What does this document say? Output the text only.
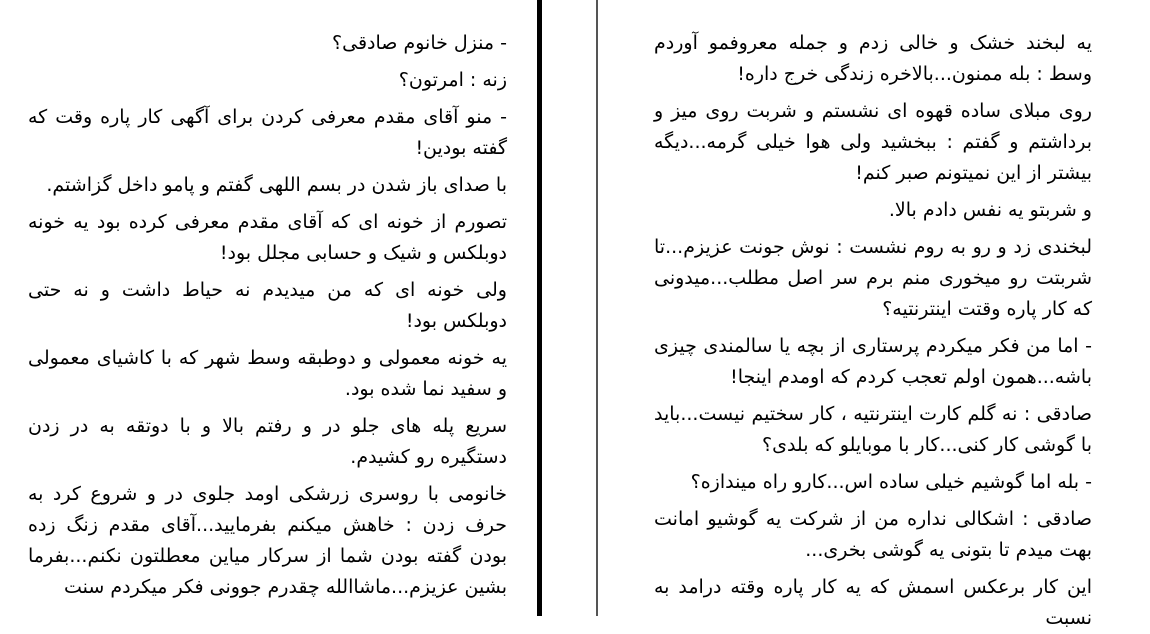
- منزل خانوم صادقی؟

زنه : امرتون؟

- منو آقای مقدم معرفی کردن برای آگهی کار پاره وقت که گفته بودین!

با صدای باز شدن در بسم اللهی گفتم و پامو داخل گزاشتم.

تصورم از خونه ای که آقای مقدم معرفی کرده بود یه خونه دوبلکس و شیک و حسابی مجلل بود!

ولی خونه ای که من میدیدم نه حیاط داشت و نه حتی دوبلکس بود!

یه خونه معمولی و دوطبقه وسط شهر که با کاشیای معمولی و سفید نما شده بود.

سریع پله های جلو در و رفتم بالا و با دوتقه به در زدن دستگیره رو کشیدم.

خانومی با روسری زرشکی اومد جلوی در و شروع کرد به حرف زدن : خاهش میکنم بفرمایید...آقای مقدم زنگ زده بودن گفته بودن شما از سرکار میاین معطلتون نکنم...بفرما بشین عزیزم...ماشاالله چقدرم جوونی فکر میکردم سنت

یه لبخند خشک و خالی زدم و جمله معروفمو آوردم وسط : بله ممنون...بالاخره زندگی خرج داره!

روی مبلای ساده قهوه ای نشستم و شربت روی میز و برداشتم و گفتم : ببخشید ولی هوا خیلی گرمه...دیگه بیشتر از این نمیتونم صبر کنم!

و شربتو یه نفس دادم بالا.

لبخندی زد و رو به روم نشست : نوش جونت عزیزم...تا شربتت رو میخوری منم برم سر اصل مطلب...میدونی که کار پاره وقتت اینترنتیه؟

- اما من فکر میکردم پرستاری از بچه یا سالمندی چیزی باشه...همون اولم تعجب کردم که اومدم اینجا!

صادقی : نه گلم کارت اینترنتیه ، کار سختیم نیست...باید با گوشی کار کنی...کار با موبایلو که بلدی؟

- بله اما گوشیم خیلی ساده اس...کارو راه میندازه؟

صادقی : اشکالی نداره من از شرکت یه گوشیو امانت بهت میدم تا بتونی یه گوشی بخری...

این کار برعکس اسمش که یه کار پاره وقته درامد به نسبت
